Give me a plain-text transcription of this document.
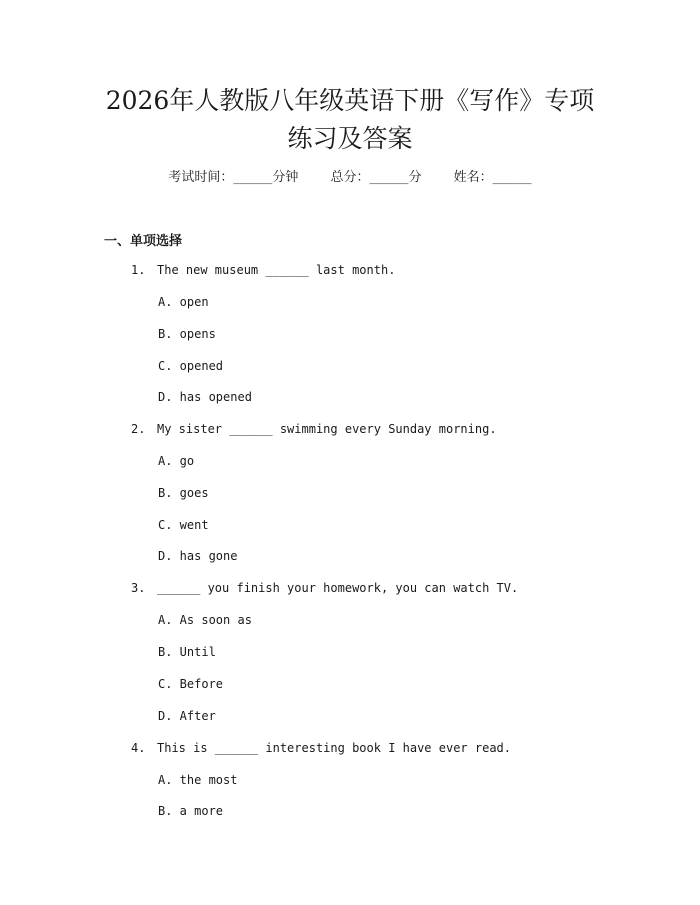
2026年人教版八年级英语下册《写作》专项
练习及答案
考试时间：______分钟 总分：______分 姓名：______
一、单项选择
1. The new museum ______ last month.
A. open
B. opens
C. opened
D. has opened
2. My sister ______ swimming every Sunday morning.
A. go
B. goes
C. went
D. has gone
3. ______ you finish your homework, you can watch TV.
A. As soon as
B. Until
C. Before
D. After
4. This is ______ interesting book I have ever read.
A. the most
B. a more
